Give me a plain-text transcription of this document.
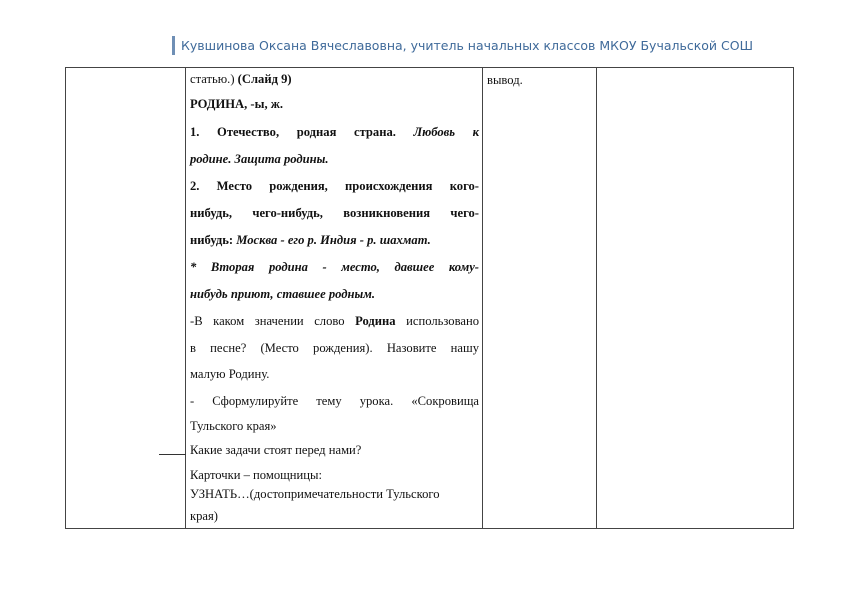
Кувшинова Оксана Вячеславовна, учитель начальных классов МКОУ Бучальской СОШ

статью.) (Слайд 9)

РОДИНА, -ы, ж.

1. Отечество, родная страна. Любовь к

родине. Защита родины.

2. Место рождения, происхождения кого-

нибудь, чего-нибудь, возникновения чего-

нибудь: Москва - его р. Индия - р. шахмат.

* Вторая родина - место, давшее кому-

нибудь приют, ставшее родным.

-В каком значении слово Родина использовано

в песне? (Место рождения). Назовите нашу

малую Родину.

- Сформулируйте тему урока. «Сокровища

Тульского края»

Какие задачи стоят перед нами?

Карточки – помощницы:

УЗНАТЬ…(достопримечательности Тульского

края)

вывод.
